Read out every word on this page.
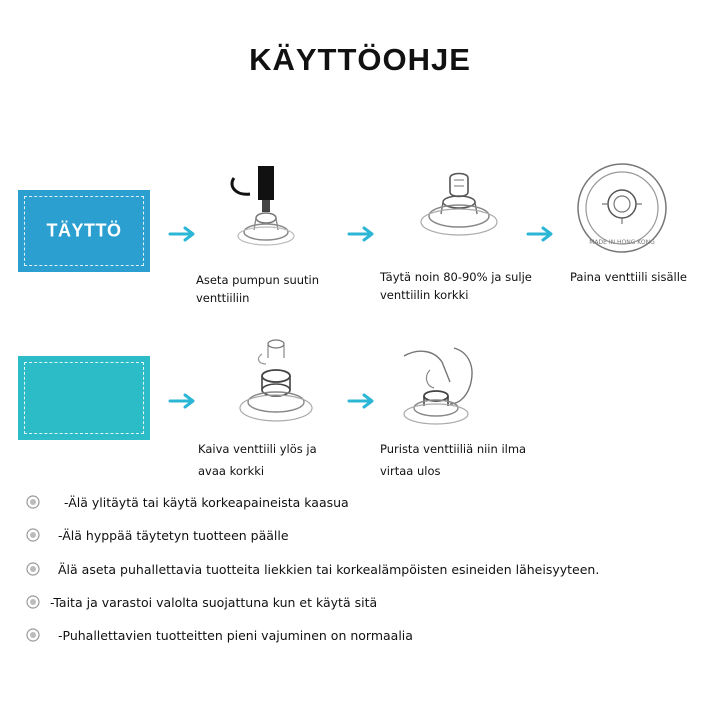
KÄYTTÖOHJE
TÄYTTÖ
Aseta pumpun suutin
venttiiliin
Täytä noin 80-90% ja sulje
venttiilin korkki
MADE IN HONG KONG
Paina venttiili sisälle
Kaiva venttiili ylös ja
avaa korkki
Purista venttiiliä niin ilma
virtaa ulos
-Älä ylitäytä tai käytä korkeapaineista kaasua
-Älä hyppää täytetyn tuotteen päälle
Älä aseta puhallettavia tuotteita liekkien tai korkealämpöisten esineiden läheisyyteen.
-Taita ja varastoi valolta suojattuna kun et käytä sitä
-Puhallettavien tuotteitten pieni vajuminen on normaalia
